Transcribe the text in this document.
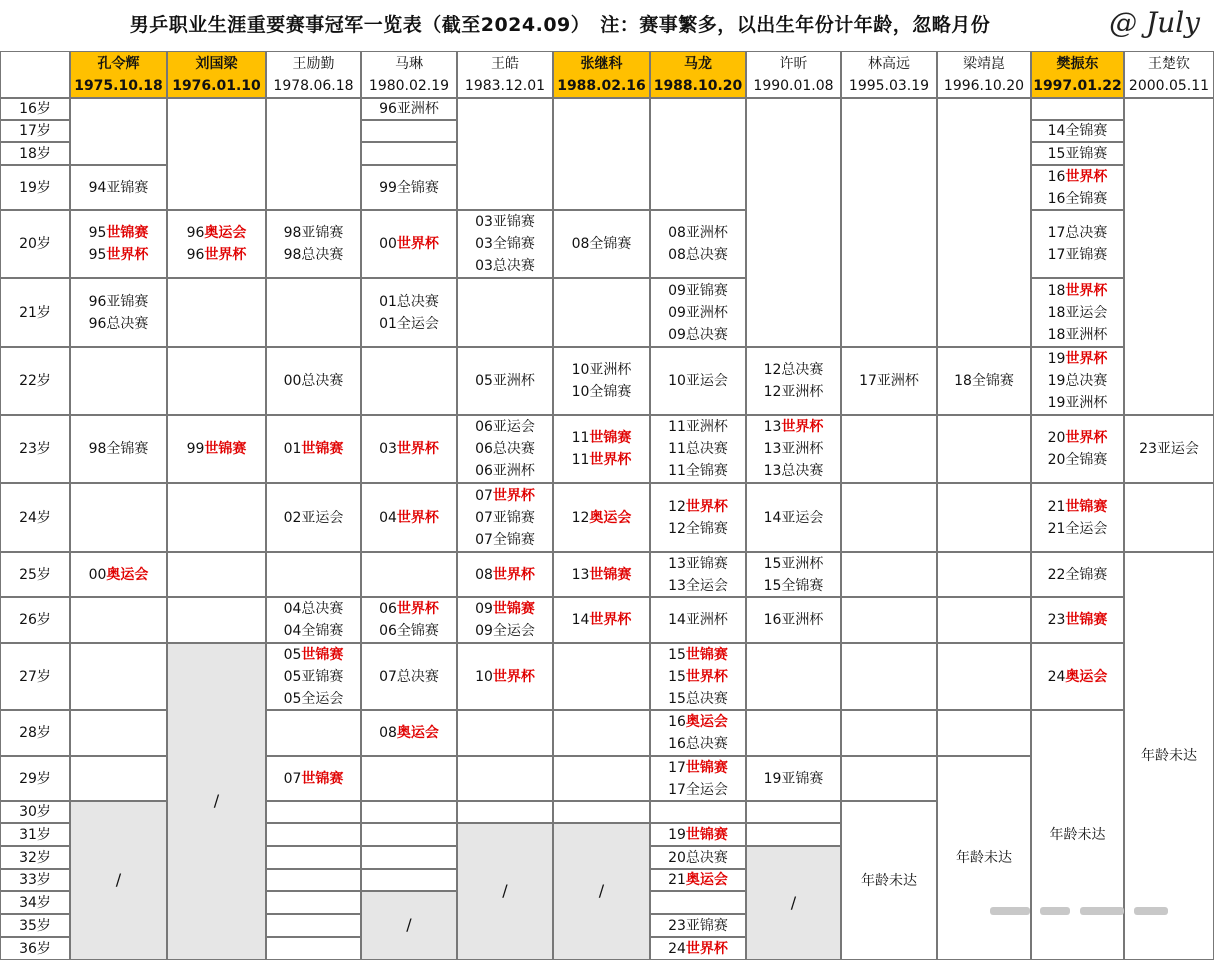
男乒职业生涯重要赛事冠军一览表（截至2024.09）　注：赛事繁多，以出生年份计年龄，忽略月份	@ July
孔令辉
1975.10.18
刘国梁
1976.01.10
王励勤
1978.06.18
马琳
1980.02.19
王皓
1983.12.01
张继科
1988.02.16
马龙
1988.10.20
许昕
1990.01.08
林高远
1995.03.19
梁靖崑
1996.10.20
樊振东
1997.01.22
王楚钦
2000.05.11
16岁
17岁
18岁
19岁
20岁
21岁
22岁
23岁
24岁
25岁
26岁
27岁
28岁
29岁
30岁
31岁
32岁
33岁
34岁
35岁
36岁
94亚锦赛
95世锦赛
95世界杯
96亚锦赛
96总决赛
98全锦赛
00奥运会
/
96奥运会
96世界杯
99世锦赛
/
98亚锦赛
98总决赛
00总决赛
01世锦赛
02亚运会
04总决赛
04全锦赛
05世锦赛
05亚锦赛
05全运会
07世锦赛
96亚洲杯
99全锦赛
00世界杯
01总决赛
01全运会
03世界杯
04世界杯
06世界杯
06全锦赛
07总决赛
08奥运会
/
03亚锦赛
03全锦赛
03总决赛
05亚洲杯
06亚运会
06总决赛
06亚洲杯
07世界杯
07亚锦赛
07全锦赛
08世界杯
09世锦赛
09全运会
10世界杯
/
08全锦赛
10亚洲杯
10全锦赛
11世锦赛
11世界杯
12奥运会
13世锦赛
14世界杯
/
08亚洲杯
08总决赛
09亚锦赛
09亚洲杯
09总决赛
10亚运会
11亚洲杯
11总决赛
11全锦赛
12世界杯
12全锦赛
13亚锦赛
13全运会
14亚洲杯
15世锦赛
15世界杯
15总决赛
16奥运会
16总决赛
17世锦赛
17全运会
19世锦赛
20总决赛
21奥运会
23亚锦赛
24世界杯
12总决赛
12亚洲杯
13世界杯
13亚洲杯
13总决赛
14亚运会
15亚洲杯
15全锦赛
16亚洲杯
19亚锦赛
/
17亚洲杯
年龄未达
18全锦赛
年龄未达
14全锦赛
15亚锦赛
16世界杯
16全锦赛
17总决赛
17亚锦赛
18世界杯
18亚运会
18亚洲杯
19世界杯
19总决赛
19亚洲杯
20世界杯
20全锦赛
21世锦赛
21全运会
22全锦赛
23世锦赛
24奥运会
年龄未达
23亚运会
年龄未达
